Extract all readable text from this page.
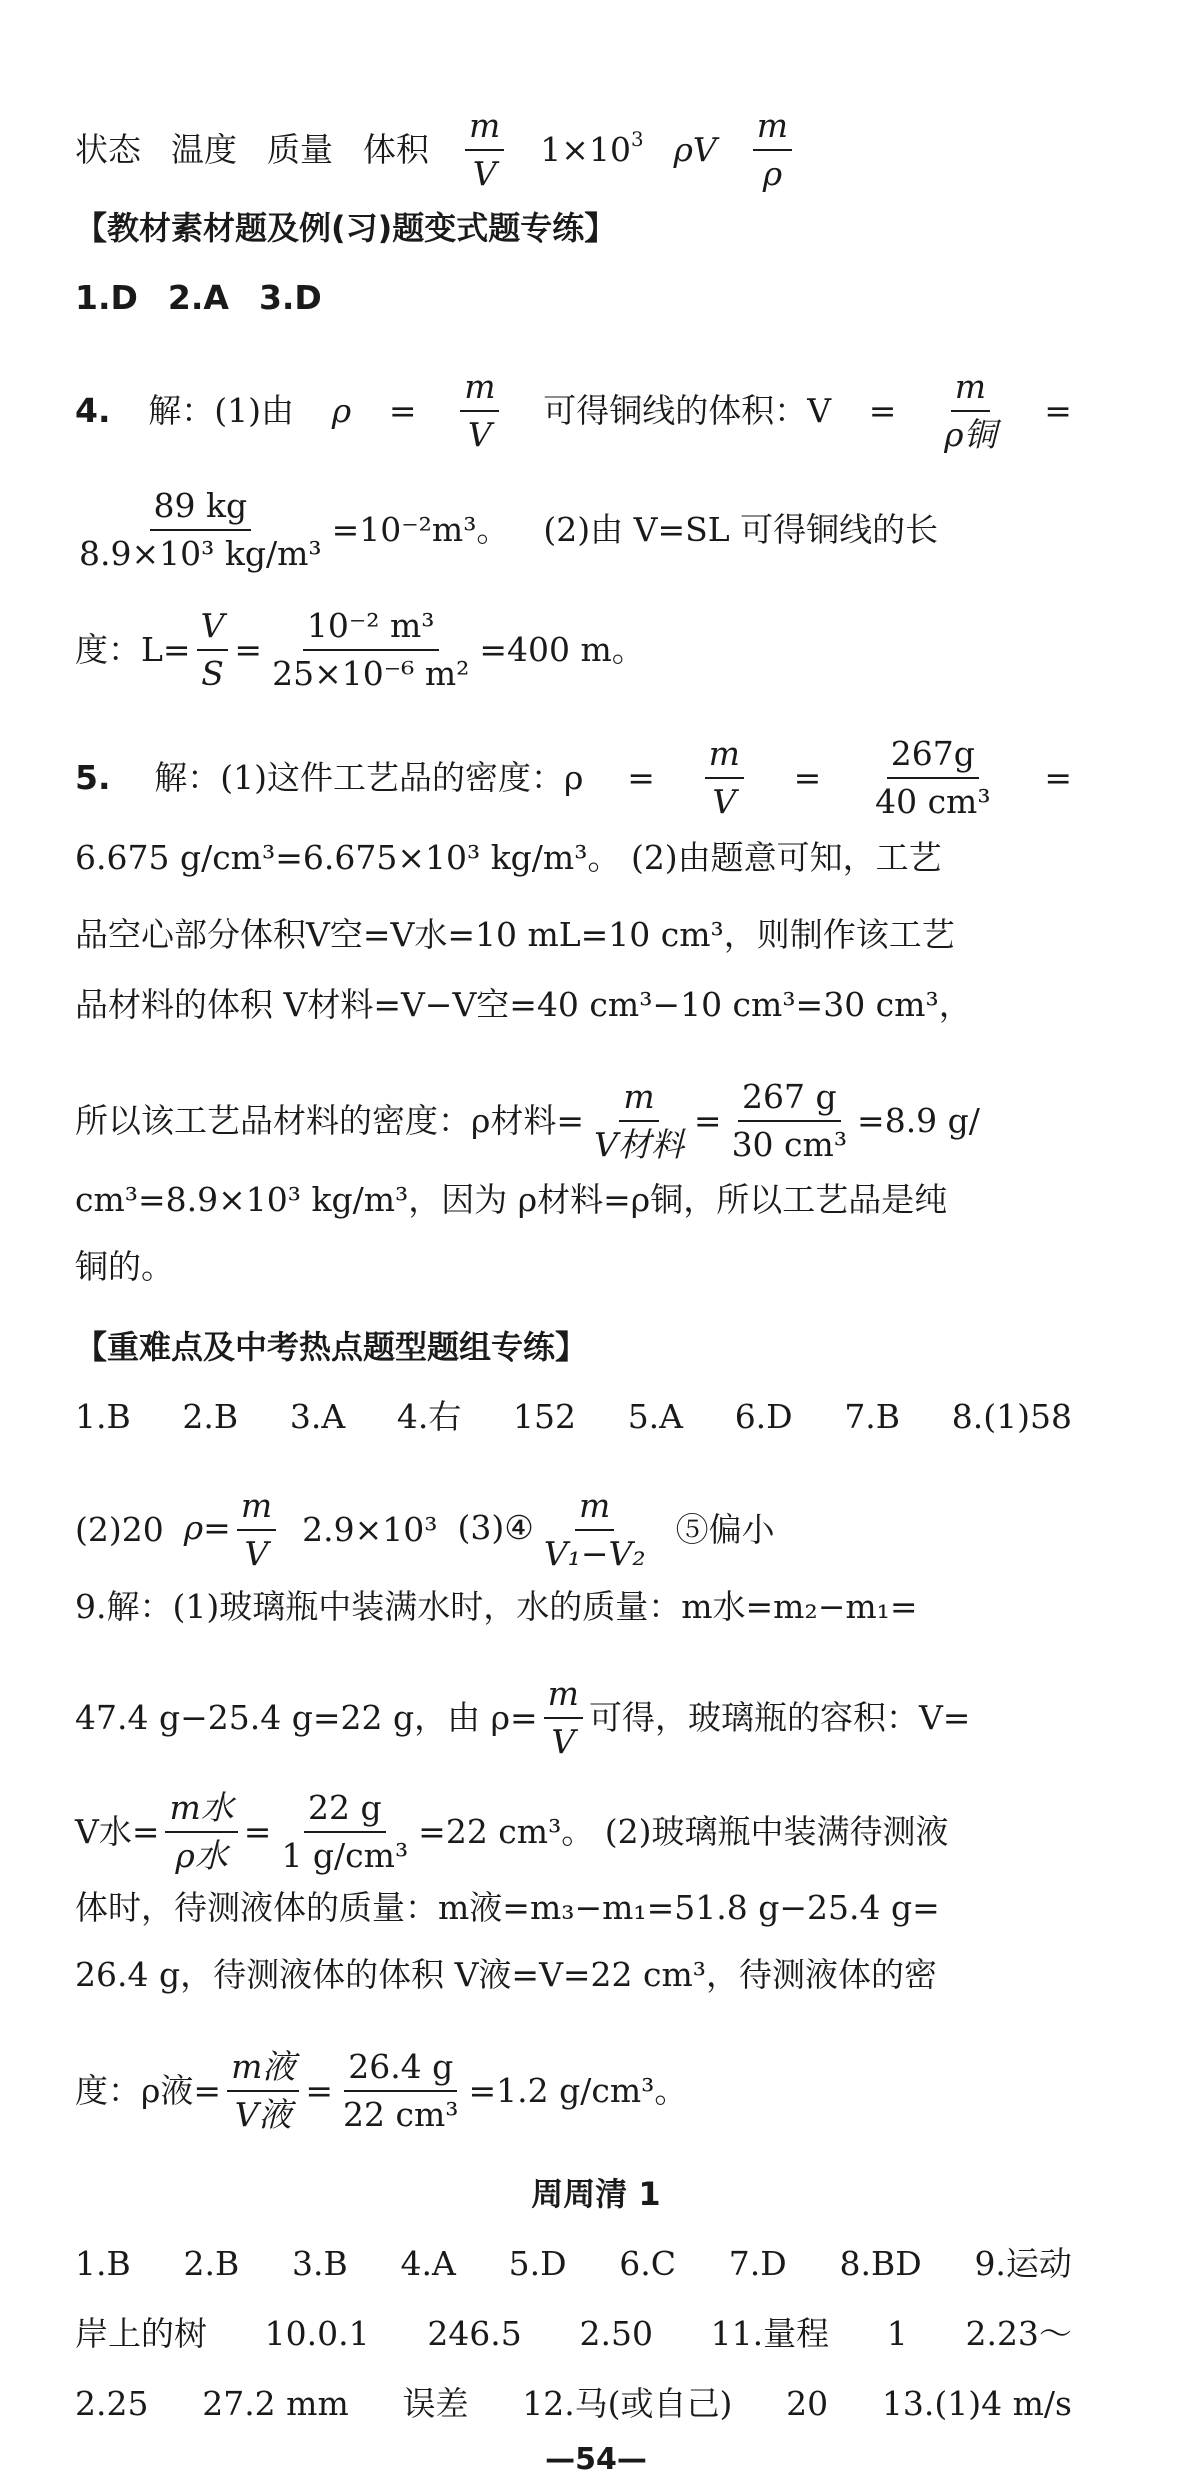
状态 温度 质量 体积 $\frac{m}{V} 1\times 10^3$ ρV $\frac{m}{\rho}$
【教材素材题及例(习)题变式题专练】
1.D 2.A 3.D
4. 解：(1)由 $\rho = \frac{m}{V}$ 可得铜线的体积：$V = \frac{m}{\text{ρ铜}}$ =
$\frac{89 kg}{\text{8.9×10³ kg/m³}} =10^{-2}m^3$。 (2)由 V=SL 可得铜线的长
度：$L= \frac{V}{S} = \frac{\text{10⁻² m³}}{\text{25×10⁻⁶ m²}} =400$ m。
5. 解：(1)这件工艺品的密度：$\rho = \frac{m}{V} = \frac{267g}{\text{40 cm³}}$ =
6.675 g/cm³=6.675×10³ kg/m³。 (2)由题意可知，工艺
品空心部分体积V空=V水=10 mL=10 cm³，则制作该工艺
品材料的体积 V材料=V−V空=40 cm³−10 cm³=30 cm³，
所以该工艺品材料的密度：ρ材料 = $\frac{m}{\text{V材料}} = \frac{267 g}{\text{30 cm³}} =8.9$ g/
cm³=8.9×10³ kg/m³，因为 ρ材料=ρ铜，所以工艺品是纯
铜的。
【重难点及中考热点题型题组专练】
1.B 2.B 3.A 4.右 152 5.A 6.D 7.B 8.(1)58
(2)20 $\rho= \frac{m}{V} 2.9\times 10^3$ (3)④ $\frac{m}{\text{V₁−V₂}}$ ⑤偏小
9.解：(1)玻璃瓶中装满水时，水的质量：m水=m₂−m₁=
47.4 g−25.4 g=22 g，由 $\rho= \frac{m}{V}$ 可得，玻璃瓶的容积：V=
V水= $\frac{\text{m水}}{\text{ρ水}} = \frac{22 g}{\text{1 g/cm³}} =22$ cm³。 (2)玻璃瓶中装满待测液
体时，待测液体的质量：m液=m₃−m₁=51.8 g−25.4 g=
26.4 g，待测液体的体积 V液=V=22 cm³，待测液体的密
度：ρ液= $\frac{\text{m液}}{\text{V液}} = \frac{26.4 g}{\text{22 cm³}} =1.2$ g/cm³。
周周清 1
1.B 2.B 3.B 4.A 5.D 6.C 7.D 8.BD 9.运动
岸上的树 10.0.1 246.5 2.50 11.量程 1 2.23～
2.25 27.2 mm 误差 12.马(或自己) 20 13.(1)4 m/s
—54—
